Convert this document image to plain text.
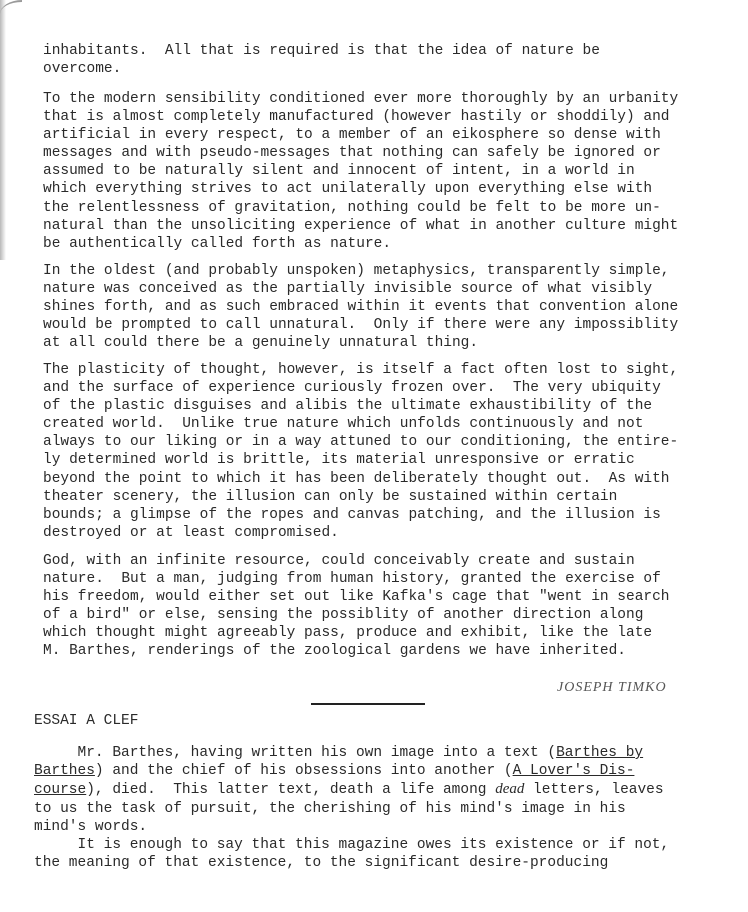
inhabitants.  All that is required is that the idea of nature be
overcome.
To the modern sensibility conditioned ever more thoroughly by an urbanity
that is almost completely manufactured (however hastily or shoddily) and
artificial in every respect, to a member of an eikosphere so dense with
messages and with pseudo-messages that nothing can safely be ignored or
assumed to be naturally silent and innocent of intent, in a world in
which everything strives to act unilaterally upon everything else with
the relentlessness of gravitation, nothing could be felt to be more un-
natural than the unsoliciting experience of what in another culture might
be authentically called forth as nature.
In the oldest (and probably unspoken) metaphysics, transparently simple,
nature was conceived as the partially invisible source of what visibly
shines forth, and as such embraced within it events that convention alone
would be prompted to call unnatural.  Only if there were any impossiblity
at all could there be a genuinely unnatural thing.
The plasticity of thought, however, is itself a fact often lost to sight,
and the surface of experience curiously frozen over.  The very ubiquity
of the plastic disguises and alibis the ultimate exhaustibility of the
created world.  Unlike true nature which unfolds continuously and not
always to our liking or in a way attuned to our conditioning, the entire-
ly determined world is brittle, its material unresponsive or erratic
beyond the point to which it has been deliberately thought out.  As with
theater scenery, the illusion can only be sustained within certain
bounds; a glimpse of the ropes and canvas patching, and the illusion is
destroyed or at least compromised.
God, with an infinite resource, could conceivably create and sustain
nature.  But a man, judging from human history, granted the exercise of
his freedom, would either set out like Kafka's cage that "went in search
of a bird" or else, sensing the possiblity of another direction along
which thought might agreeably pass, produce and exhibit, like the late
M. Barthes, renderings of the zoological gardens we have inherited.
JOSEPH TIMKO
ESSAI A CLEF
Mr. Barthes, having written his own image into a text (Barthes by
Barthes) and the chief of his obsessions into another (A Lover's Dis-
course), died.  This latter text, death a life among dead letters, leaves
to us the task of pursuit, the cherishing of his mind's image in his
mind's words.
It is enough to say that this magazine owes its existence or if not,
the meaning of that existence, to the significant desire-producing
